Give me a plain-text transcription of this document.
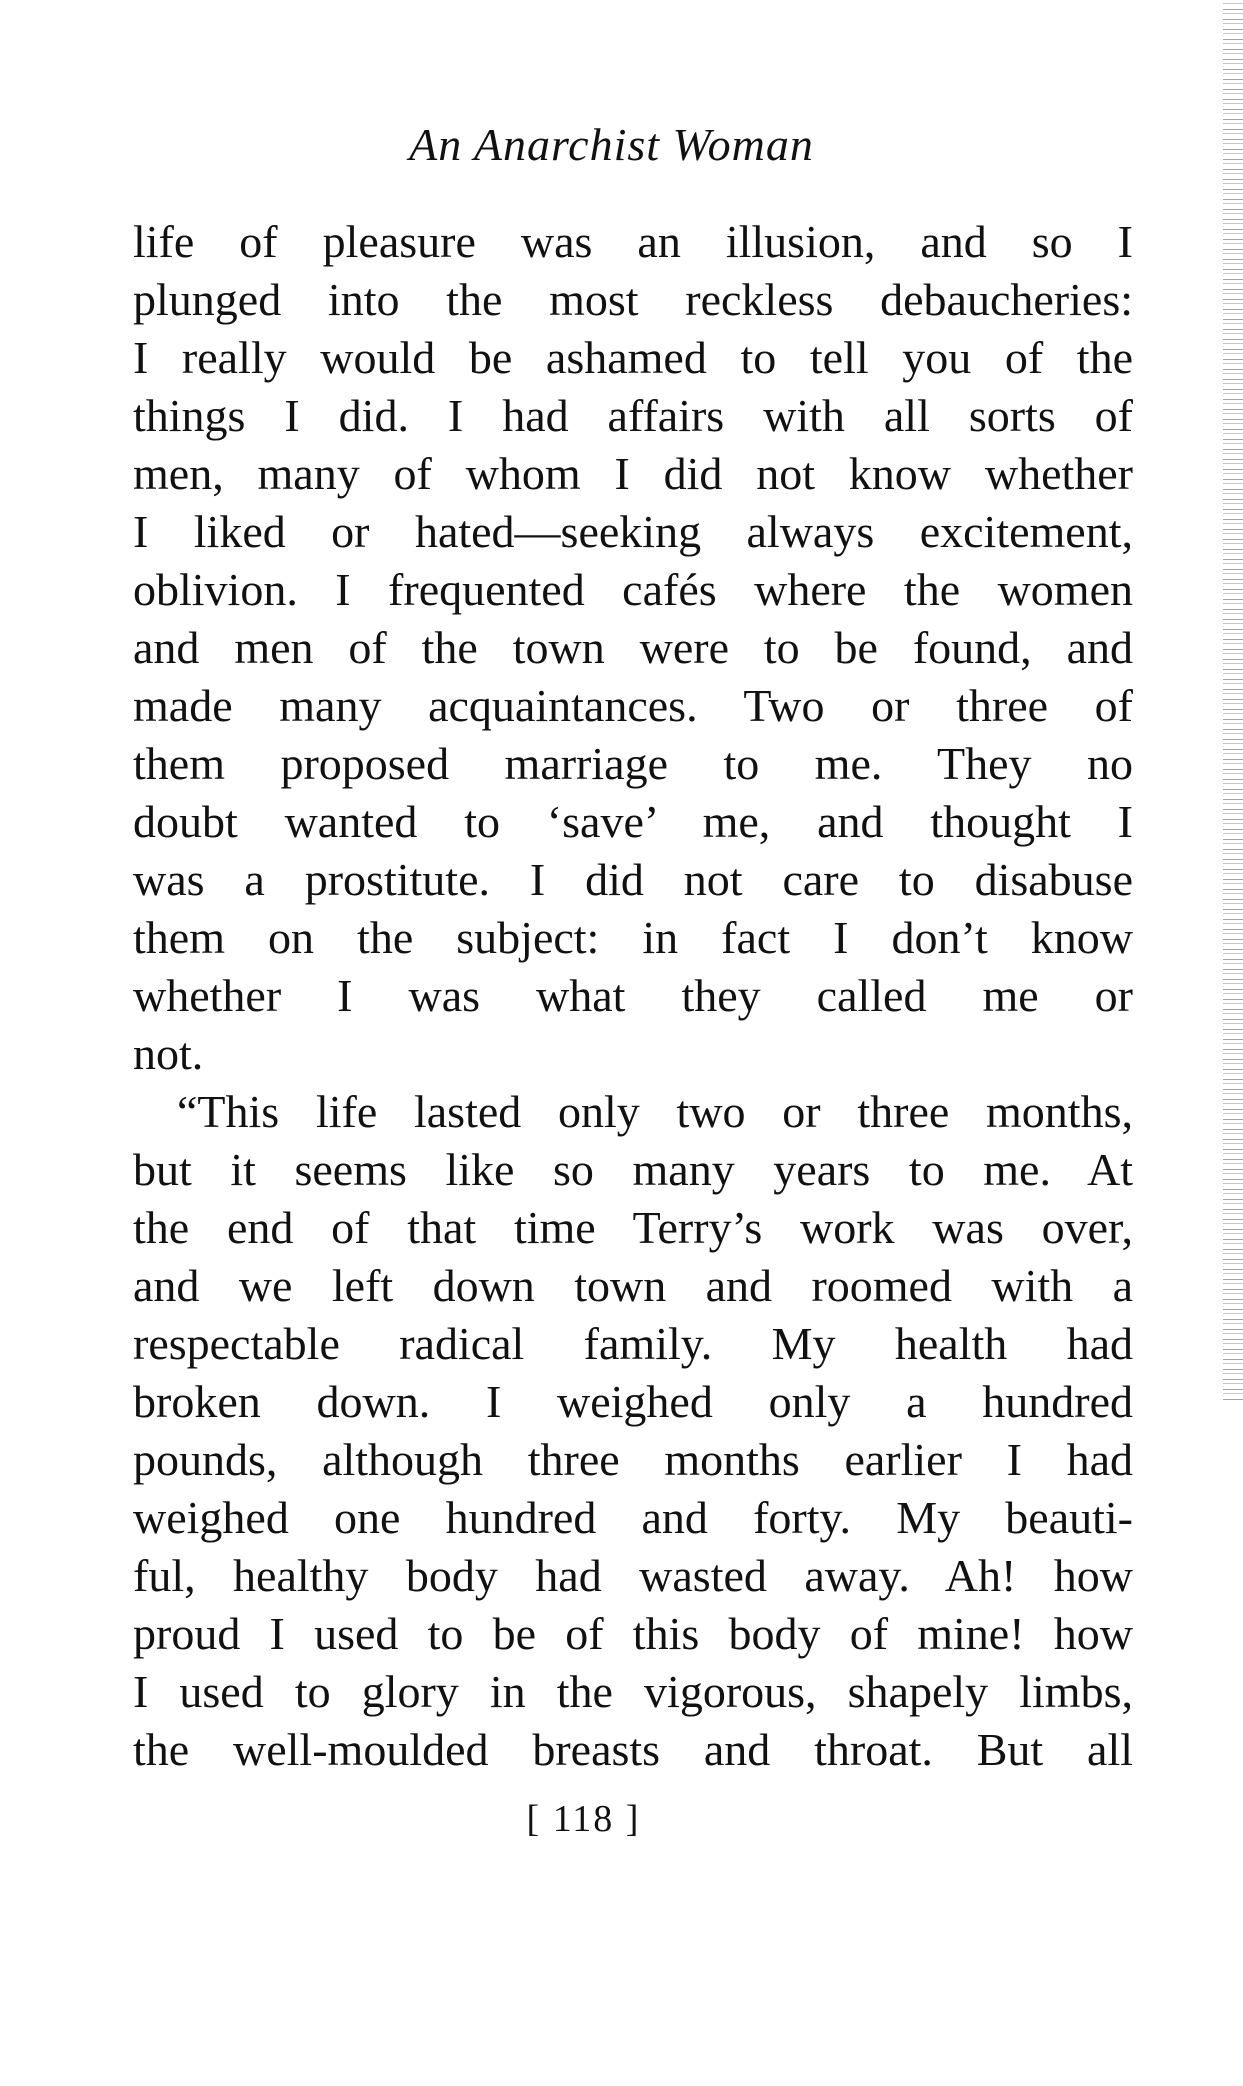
An Anarchist Woman
life of pleasure was an illusion, and so I
plunged into the most reckless debaucheries:
I really would be ashamed to tell you of the
things I did. I had affairs with all sorts of
men, many of whom I did not know whether
I liked or hated—seeking always excitement,
oblivion. I frequented cafés where the women
and men of the town were to be found, and
made many acquaintances. Two or three of
them proposed marriage to me. They no
doubt wanted to ‘save’ me, and thought I
was a prostitute. I did not care to disabuse
them on the subject: in fact I don’t know
whether I was what they called me or
not.
“This life lasted only two or three months,
but it seems like so many years to me. At
the end of that time Terry’s work was over,
and we left down town and roomed with a
respectable radical family. My health had
broken down. I weighed only a hundred
pounds, although three months earlier I had
weighed one hundred and forty. My beauti-
ful, healthy body had wasted away. Ah! how
proud I used to be of this body of mine! how
I used to glory in the vigorous, shapely limbs,
the well-moulded breasts and throat. But all
[ 118 ]
